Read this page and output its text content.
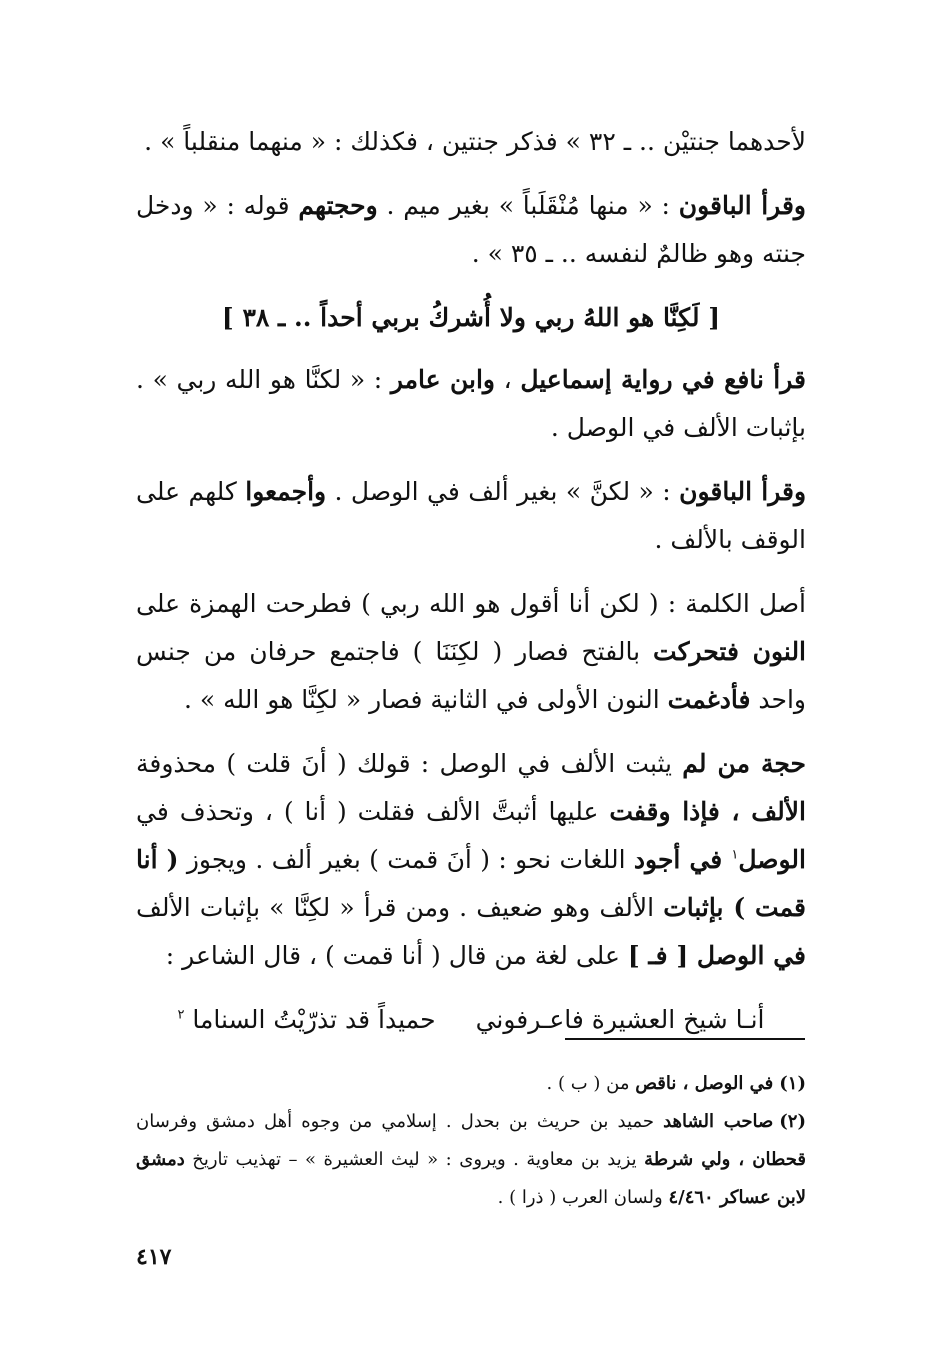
لأحدهما جنتيْن .. ـ ٣٢ » فذكر جنتين ، فكذلك : « منهما منقلباً » .

وقرأ الباقون : « منها مُنْقَلَباً » بغير ميم . وحجتهم قوله : « ودخل جنته وهو ظالمٌ لنفسه .. ـ ٣٥ » .

[ لَكِنَّا هو اللهُ ربي ولا أُشركُ بربي أحداً .. ـ ٣٨ ]

قرأ نافع في رواية إسماعيل ، وابن عامر : « لكنَّا هو الله ربي » . بإثبات الألف في الوصل .

وقرأ الباقون : « لكنَّ » بغير ألف في الوصل . وأجمعوا كلهم على الوقف بالألف .

أصل الكلمة : ( لكن أنا أقول هو الله ربي ) فطرحت الهمزة على النون فتحركت بالفتح فصار ( لكِنَنَا ) فاجتمع حرفان من جنس واحد فأدغمت النون الأولى في الثانية فصار « لكِنَّا هو الله » .

حجة من لم يثبت الألف في الوصل : قولك ( أنَ قلت ) محذوفة الألف ، فإذا وقفت عليها أثبتَّ الألف فقلت ( أنا ) ، وتحذف في الوصل$^١$ في أجود اللغات نحو : ( أنَ قمت ) بغير ألف . ويجوز ( أنا قمت ) بإثبات الألف وهو ضعيف . ومن قرأ « لكِنَّا » بإثبات الألف في الوصل [ فـ ] على لغة من قال ( أنا قمت ) ، قال الشاعر :

أنـا شيخ العشيرة فاعـرفونيحميداً قد تذرّيْتُ السناما $^٢$

(١)في الوصل ، ناقص من ( ب ) .

(٢)صاحب الشاهد حميد بن حريث بن بحدل . إسلامي من وجوه أهل دمشق وفرسان قحطان ، ولي شرطة يزيد بن معاوية . ويروى : « ليث العشيرة » – تهذيب تاريخ دمشق لابن عساكر ٤/٤٦٠ ولسان العرب ( ذرا ) .

٤١٧
